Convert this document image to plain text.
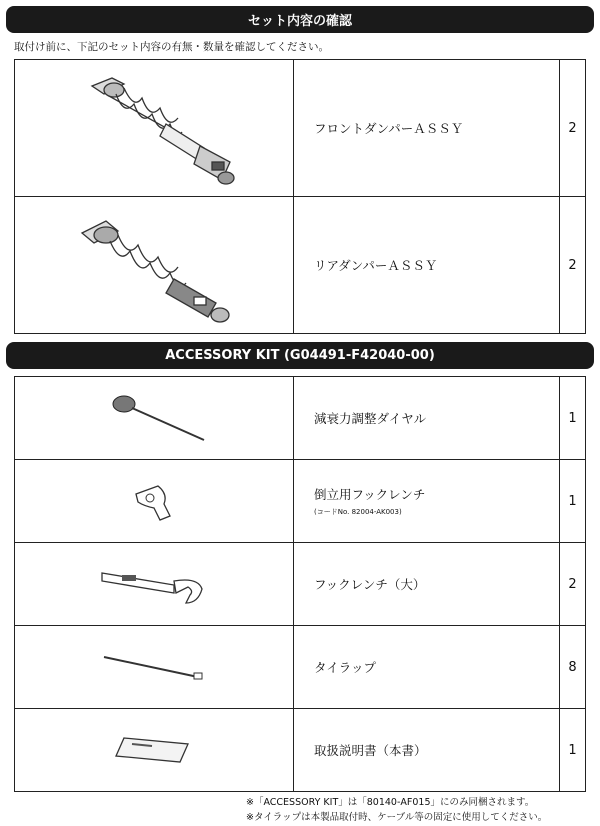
セット内容の確認
取付け前に、下記のセット内容の有無・数量を確認してください。
	フロントダンパーＡＳＳＹ	2

	リアダンパーＡＳＳＹ	2
ACCESSORY KIT (G04491-F42040-00)

減衰力調整ダイヤル	1

倒立用フックレンチ
(コードNo. 82004-AK003)	1

フックレンチ（大）	2

タイラップ	8

取扱説明書（本書）	1
※「ACCESSORY KIT」は「80140-AF015」にのみ同梱されます。
※タイラップは本製品取付時、ケーブル等の固定に使用してください。
